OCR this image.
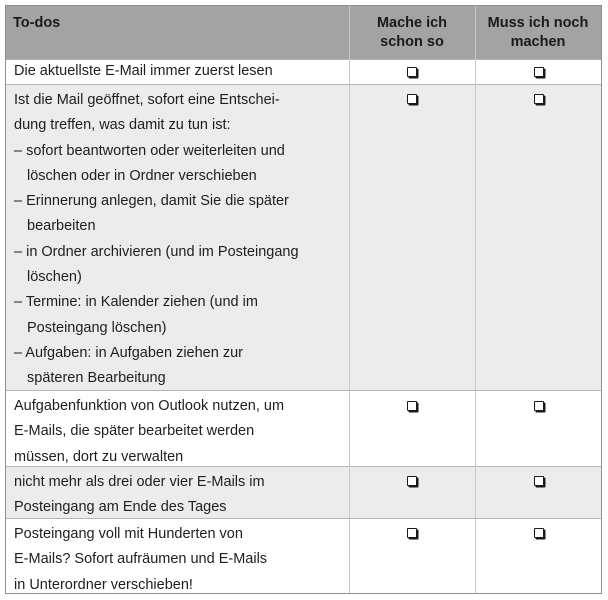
To-dos	Mache ich
schon so
Muss ich noch
machen
Die aktuellste E-Mail immer zuerst lesen
Ist die Mail geöffnet, sofort eine Entschei-
dung treffen, was damit zu tun ist:
– sofort beantworten oder weiterleiten und
löschen oder in Ordner verschieben
– Erinnerung anlegen, damit Sie die später
bearbeiten
– in Ordner archivieren (und im Posteingang
löschen)
– Termine: in Kalender ziehen (und im
Posteingang löschen)
– Aufgaben: in Aufgaben ziehen zur
späteren Bearbeitung
Aufgabenfunktion von Outlook nutzen, um
E-Mails, die später bearbeitet werden
müssen, dort zu verwalten
nicht mehr als drei oder vier E-Mails im
Posteingang am Ende des Tages
Posteingang voll mit Hunderten von
E-Mails? Sofort aufräumen und E-Mails
in Unterordner verschieben!
